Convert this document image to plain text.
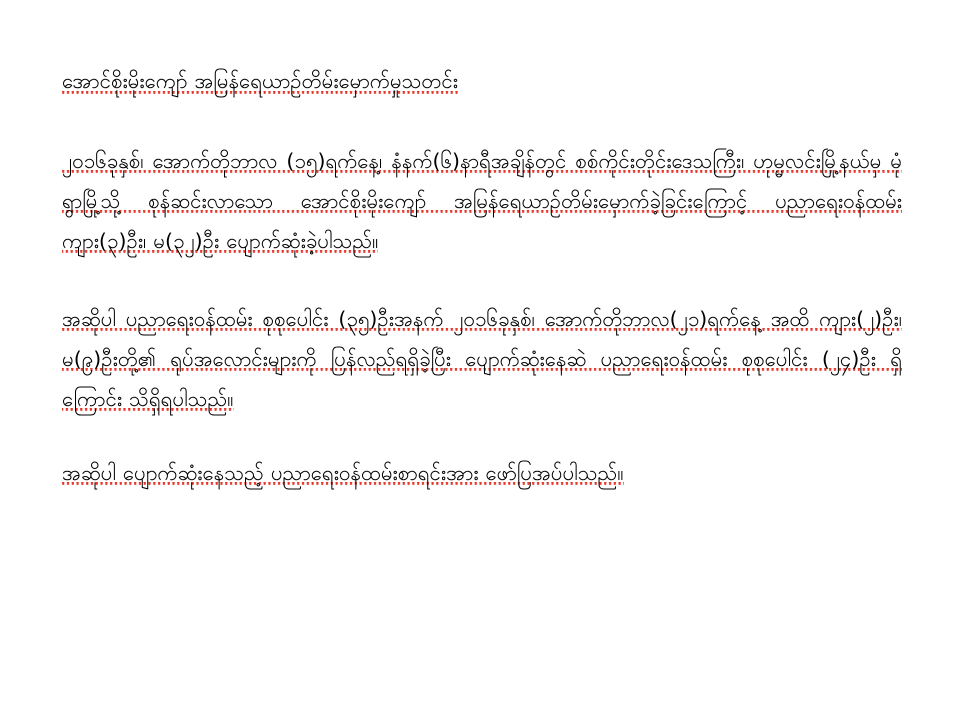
အောင်စိုးမိုးကျော် အမြန်ရေယာဉ်တိမ်းမှောက်မှုသတင်း

၂၀၁၆ခုနှစ်၊ အောက်တိုဘာလ (၁၅)ရက်နေ့၊ နံနက်(၆)နာရီအချိန်တွင် စစ်ကိုင်းတိုင်းဒေသကြီး၊ ဟုမ္မလင်းမြို့နယ်မှ မုံရွာမြို့သို့ စုန်ဆင်းလာသော အောင်စိုးမိုးကျော် အမြန်ရေယာဉ်တိမ်းမှောက်ခဲ့ခြင်းကြောင့် ပညာရေးဝန်ထမ်း ကျား(၃)ဦး၊ မ(၃၂)ဦး ပျောက်ဆုံးခဲ့ပါသည်။

အဆိုပါ ပညာရေးဝန်ထမ်း စုစုပေါင်း (၃၅)ဦးအနက် ၂၀၁၆ခုနှစ်၊ အောက်တိုဘာလ(၂၁)ရက်နေ့ အထိ ကျား(၂)ဦး၊ မ(၉)ဦးတို့၏ ရုပ်အလောင်းများကို ပြန်လည်ရရှိခဲ့ပြီး ပျောက်ဆုံးနေဆဲ ပညာရေးဝန်ထမ်း စုစုပေါင်း (၂၄)ဦး ရှိကြောင်း သိရှိရပါသည်။

အဆိုပါ ပျောက်ဆုံးနေသည့် ပညာရေးဝန်ထမ်းစာရင်းအား ဖော်ပြအပ်ပါသည်။
